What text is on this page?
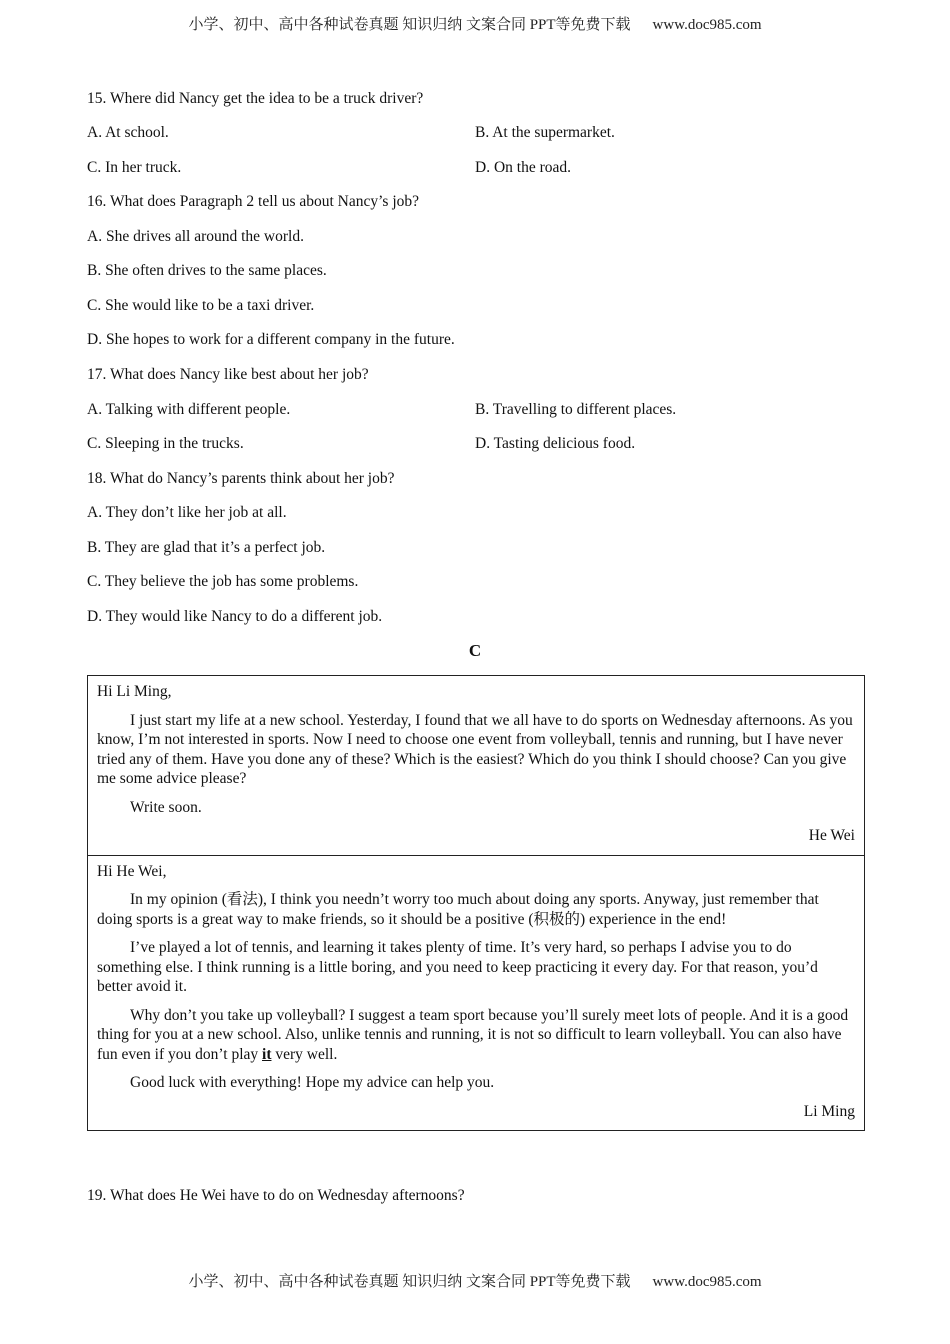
小学、初中、高中各种试卷真题 知识归纳 文案合同 PPT等免费下载 www.doc985.com
15. Where did Nancy get the idea to be a truck driver?
A. At school.	B. At the supermarket.
C. In her truck.	D. On the road.
16. What does Paragraph 2 tell us about Nancy’s job?
A. She drives all around the world.
B. She often drives to the same places.
C. She would like to be a taxi driver.
D. She hopes to work for a different company in the future.
17. What does Nancy like best about her job?
A. Talking with different people.	B. Travelling to different places.
C. Sleeping in the trucks.	D. Tasting delicious food.
18. What do Nancy’s parents think about her job?
A. They don’t like her job at all.
B. They are glad that it’s a perfect job.
C. They believe the job has some problems.
D. They would like Nancy to do a different job.
C

Hi Li Ming,

I just start my life at a new school. Yesterday, I found that we all have to do sports on Wednesday afternoons. As you know, I’m not interested in sports. Now I need to choose one event from volleyball, tennis and running, but I have never tried any of them. Have you done any of these? Which is the easiest? Which do you think I should choose? Can you give me some advice please?

Write soon.

He Wei

Hi He Wei,

In my opinion (看法), I think you needn’t worry too much about doing any sports. Anyway, just remember that doing sports is a great way to make friends, so it should be a positive (积极的) experience in the end!

I’ve played a lot of tennis, and learning it takes plenty of time. It’s very hard, so perhaps I advise you to do something else. I think running is a little boring, and you need to keep practicing it every day. For that reason, you’d better avoid it.

Why don’t you take up volleyball? I suggest a team sport because you’ll surely meet lots of people. And it is a good thing for you at a new school. Also, unlike tennis and running, it is not so difficult to learn volleyball. You can also have fun even if you don’t play it very well.

Good luck with everything! Hope my advice can help you.

Li Ming

19. What does He Wei have to do on Wednesday afternoons?
小学、初中、高中各种试卷真题 知识归纳 文案合同 PPT等免费下载 www.doc985.com
